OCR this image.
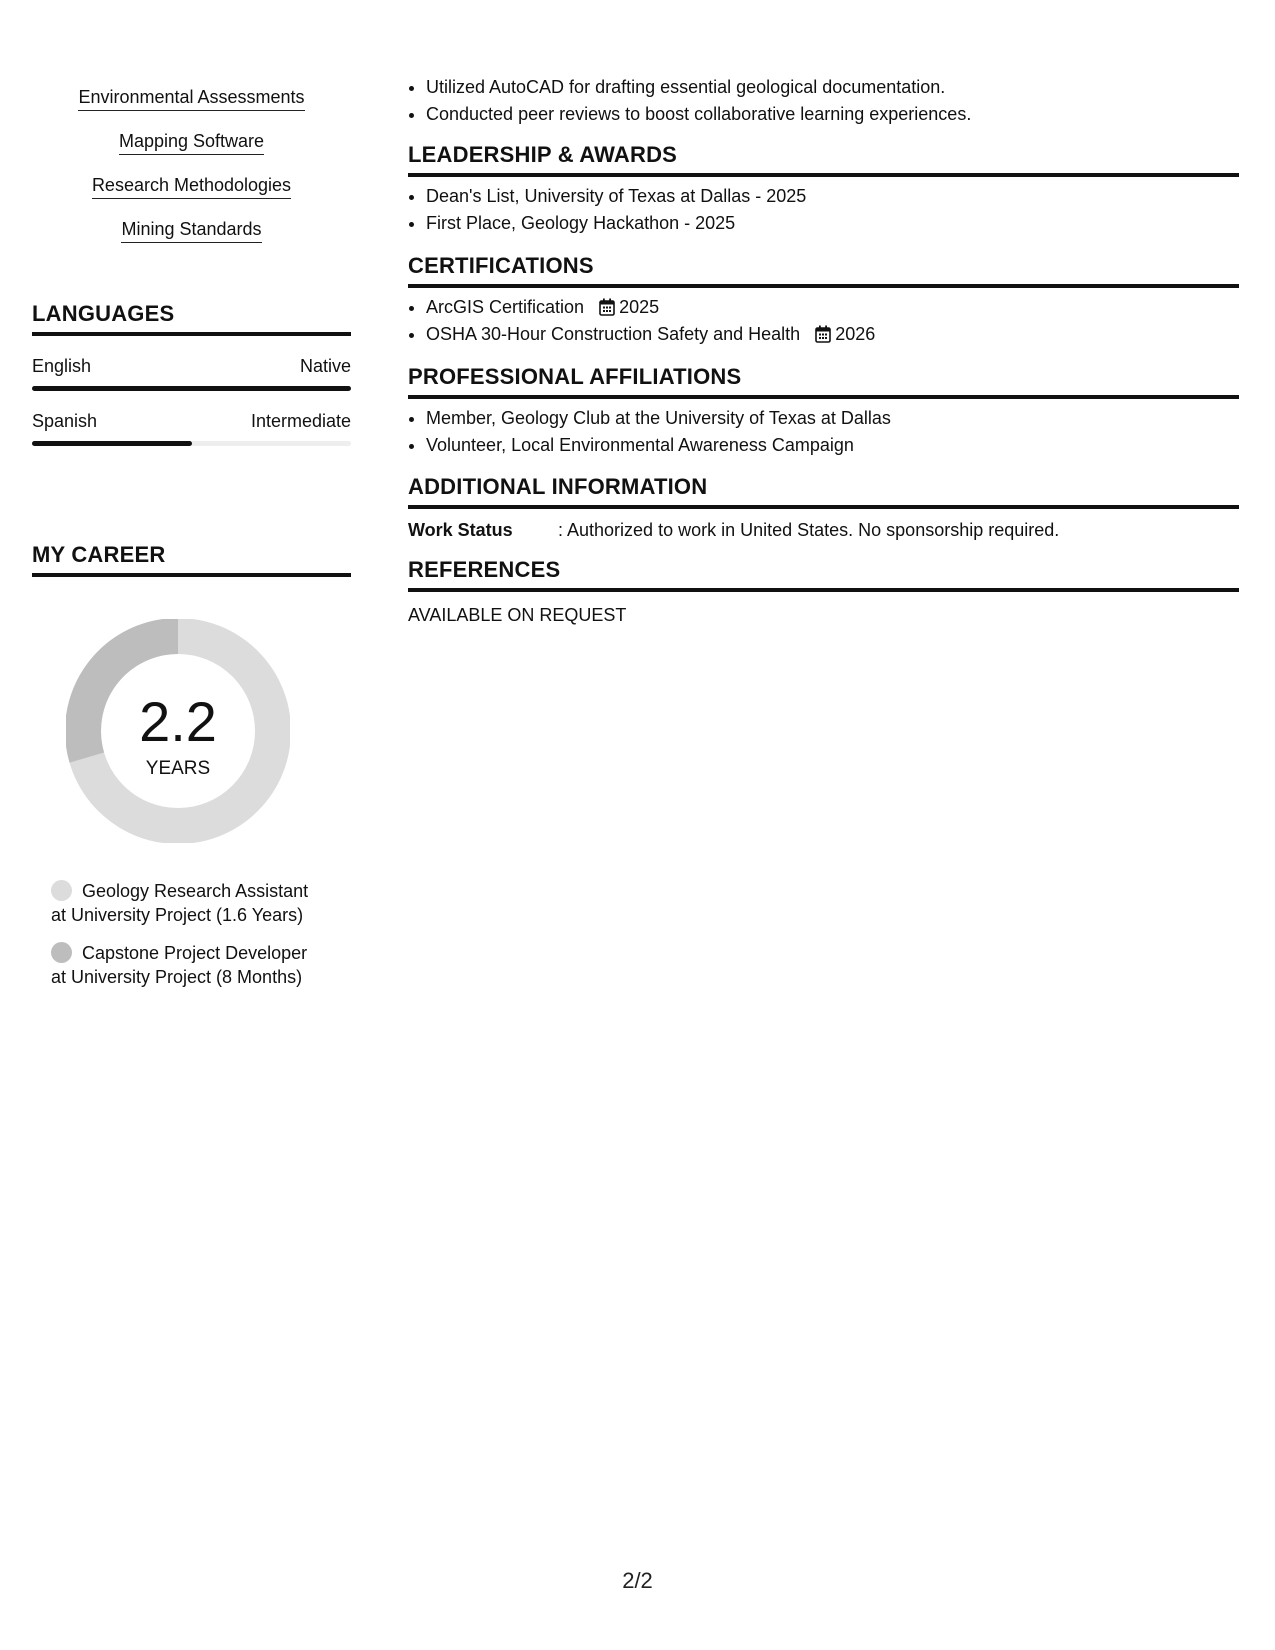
Environmental Assessments
Mapping Software
Research Methodologies
Mining Standards
LANGUAGES
English	Native
Spanish	Intermediate
MY CAREER
2.2
YEARS
Geology Research Assistant
at University Project (1.6 Years)
Capstone Project Developer
at University Project (8 Months)
• Utilized AutoCAD for drafting essential geological documentation.
• Conducted peer reviews to boost collaborative learning experiences.
LEADERSHIP & AWARDS
• Dean's List, University of Texas at Dallas - 2025
• First Place, Geology Hackathon - 2025
CERTIFICATIONS
• ArcGIS Certification 2025
• OSHA 30-Hour Construction Safety and Health 2026
PROFESSIONAL AFFILIATIONS
• Member, Geology Club at the University of Texas at Dallas
• Volunteer, Local Environmental Awareness Campaign
ADDITIONAL INFORMATION
Work Status	: Authorized to work in United States. No sponsorship required.
REFERENCES
AVAILABLE ON REQUEST
2/2
